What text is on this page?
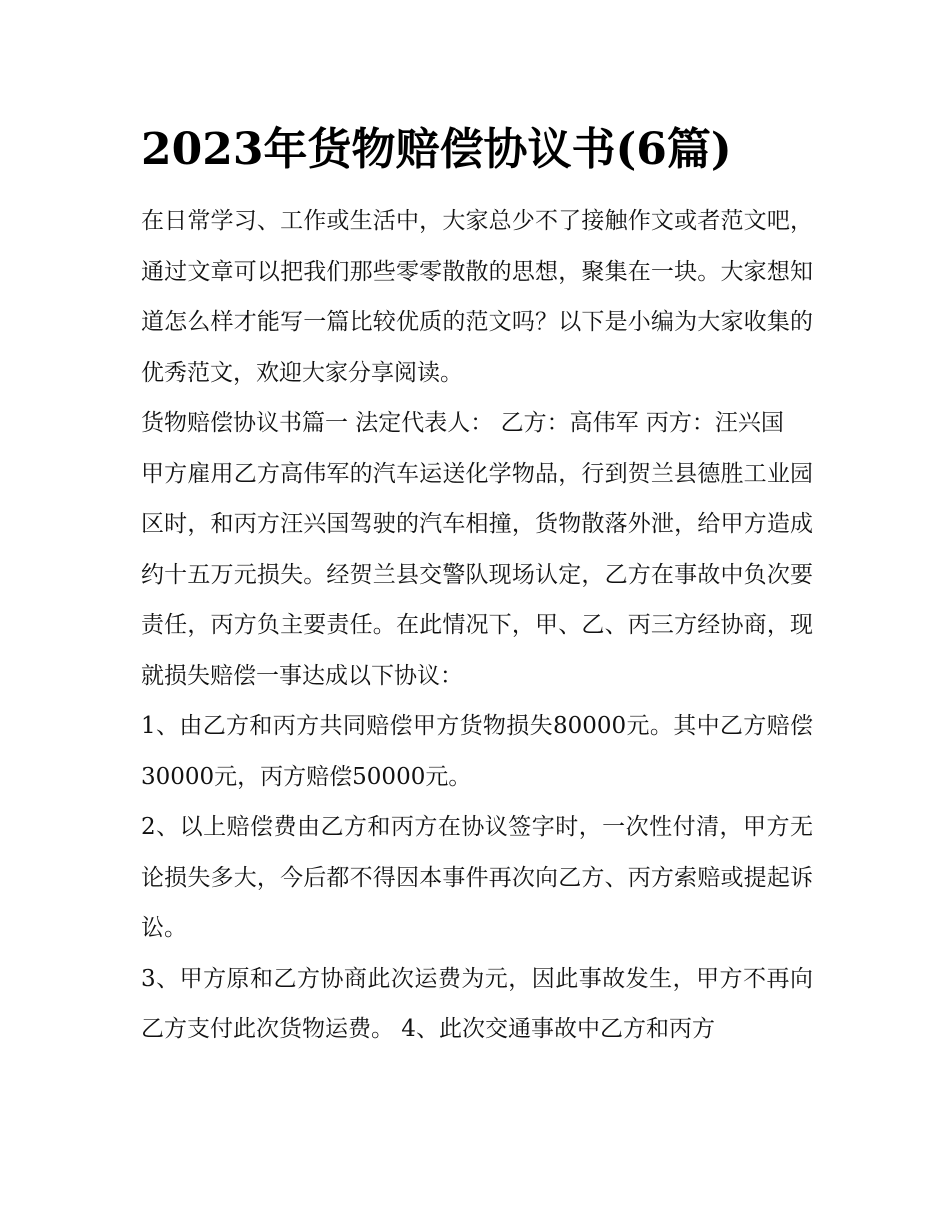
2023年货物赔偿协议书(6篇)

在日常学习、工作或生活中，大家总少不了接触作文或者范文吧，通过文章可以把我们那些零零散散的思想，聚集在一块。大家想知道怎么样才能写一篇比较优质的范文吗？以下是小编为大家收集的优秀范文，欢迎大家分享阅读。

货物赔偿协议书篇一 法定代表人： 乙方：高伟军 丙方：汪兴国

甲方雇用乙方高伟军的汽车运送化学物品，行到贺兰县德胜工业园区时，和丙方汪兴国驾驶的汽车相撞，货物散落外泄，给甲方造成约十五万元损失。经贺兰县交警队现场认定，乙方在事故中负次要责任，丙方负主要责任。在此情况下，甲、乙、丙三方经协商，现就损失赔偿一事达成以下协议：

1、由乙方和丙方共同赔偿甲方货物损失80000元。其中乙方赔偿30000元，丙方赔偿50000元。

2、以上赔偿费由乙方和丙方在协议签字时，一次性付清，甲方无论损失多大，今后都不得因本事件再次向乙方、丙方索赔或提起诉讼。

3、甲方原和乙方协商此次运费为元，因此事故发生，甲方不再向乙方支付此次货物运费。 4、此次交通事故中乙方和丙方
